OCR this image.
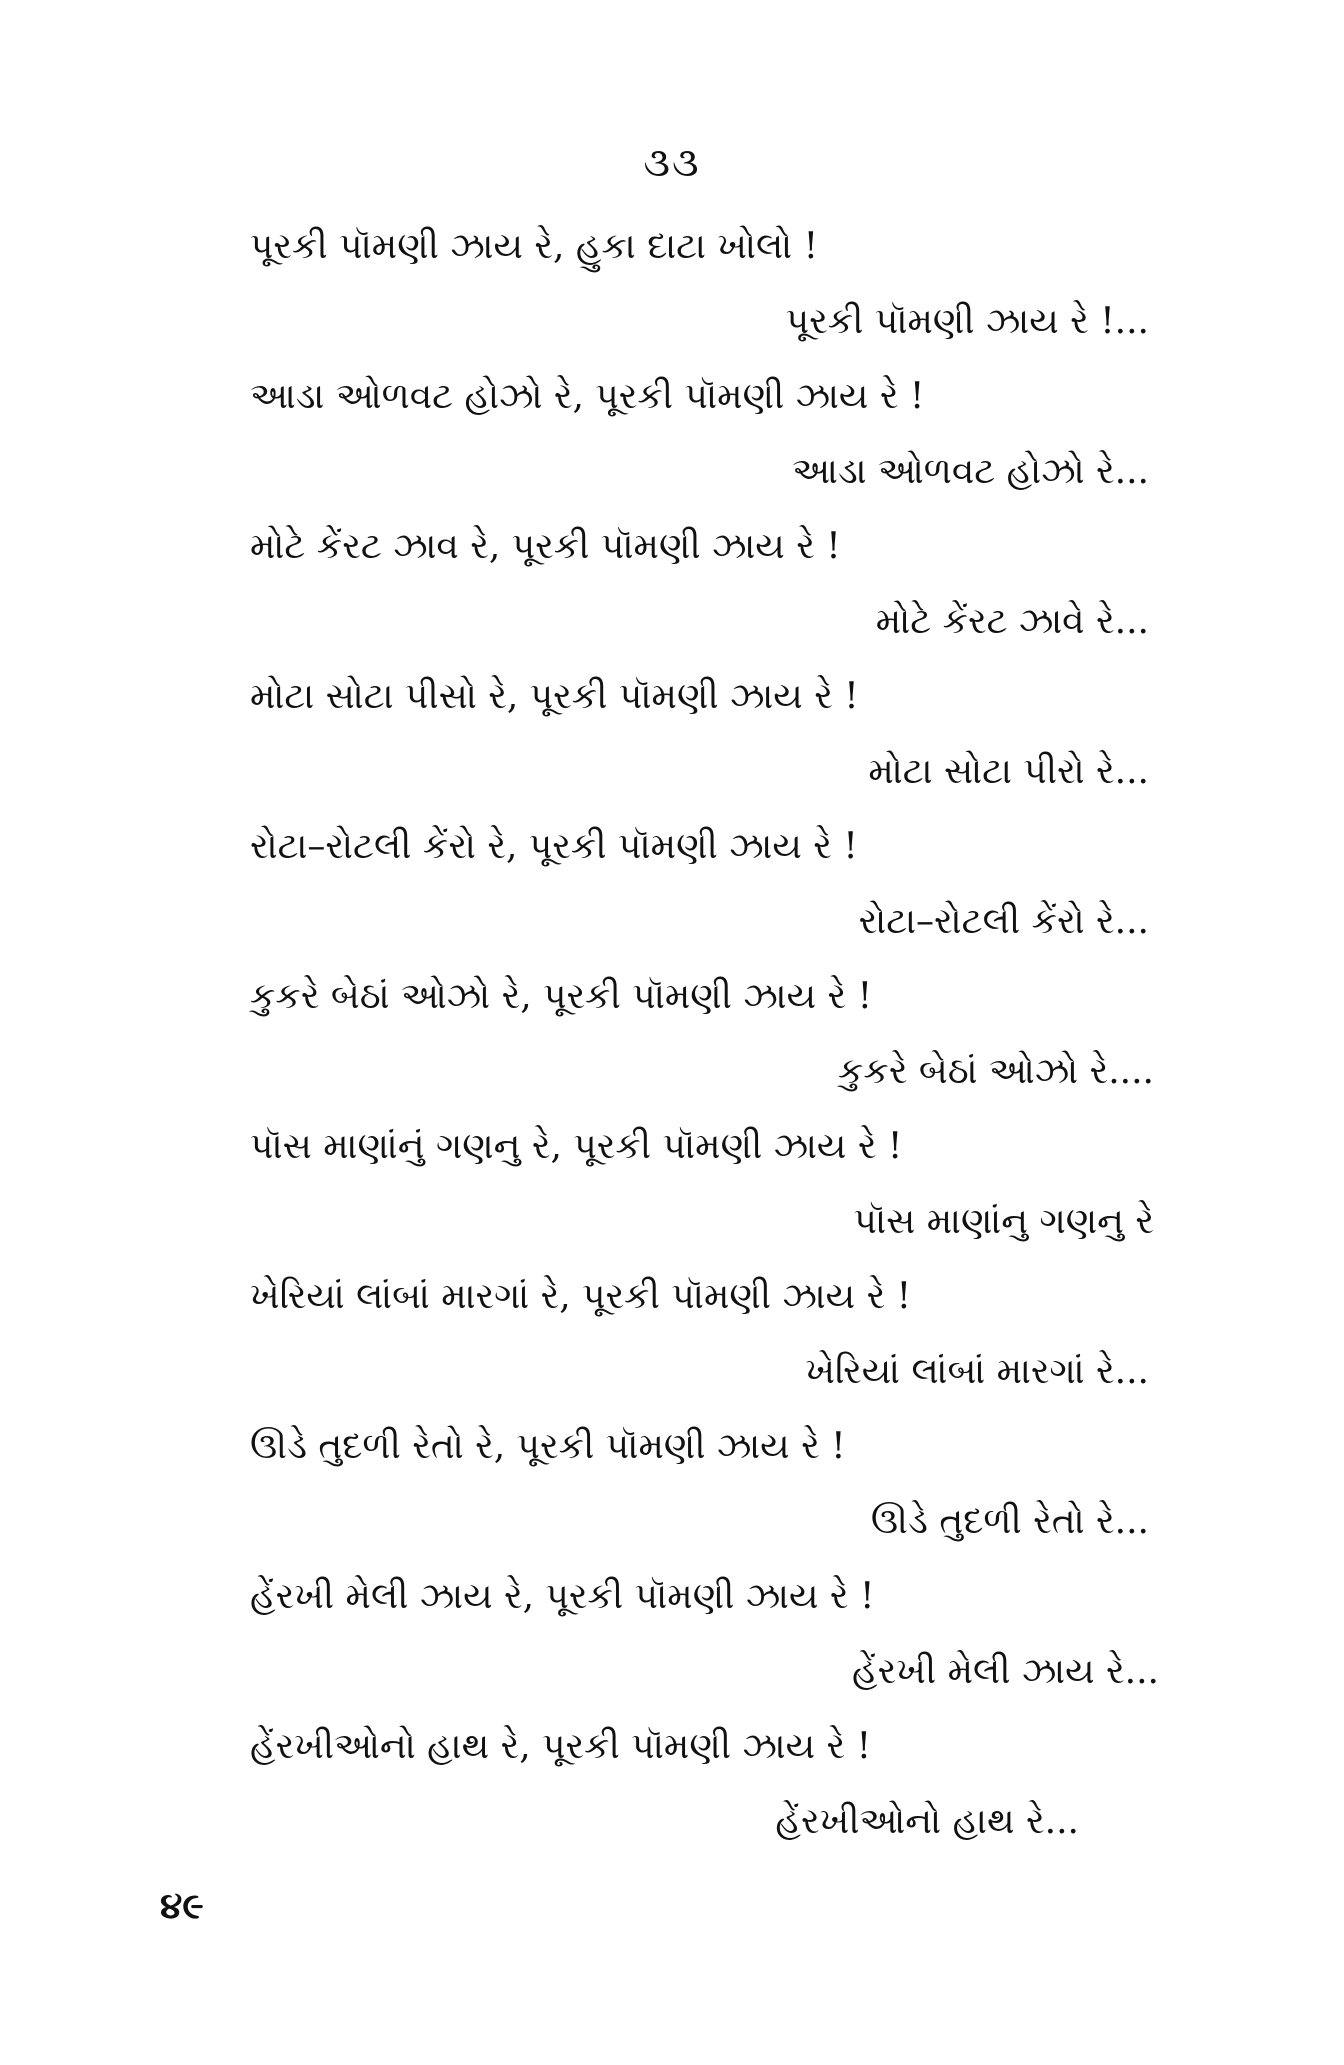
૩૩
પૂરકી પૉમણી ઝાય રે, હુકા દાટા ખોલો !
પૂરકી પૉમણી ઝાય રે !...
આડા ઓળવટ હોઝો રે, પૂરકી પૉમણી ઝાય રે !
આડા ઓળવટ હોઝો રે...
મોટે કેંરટ ઝાવ રે, પૂરકી પૉમણી ઝાય રે !
મોટે કેંરટ ઝાવે રે...
મોટા સોટા પીસો રે, પૂરકી પૉમણી ઝાય રે !
મોટા સોટા પીરો રે...
રોટા–રોટલી કેંરો રે, પૂરકી પૉમણી ઝાય રે !
રોટા–રોટલી કેંરો રે...
કુકરે બેઠાં ઓઝો રે, પૂરકી પૉમણી ઝાય રે !
કુકરે બેઠાં ઓઝો રે....
પૉસ માણાંનું ગણનુ રે, પૂરકી પૉમણી ઝાય રે !
પૉસ માણાંનુ ગણનુ રે
ખેરિયાં લાંબાં મારગાં રે, પૂરકી પૉમણી ઝાય રે !
ખેરિયાં લાંબાં મારગાં રે...
ઊડે તુદળી રેતો રે, પૂરકી પૉમણી ઝાય રે !
ઊડે તુદળી રેતો રે...
હેંરખી મેલી ઝાય રે, પૂરકી પૉમણી ઝાય રે !
હેંરખી મેલી ઝાય રે...
હેંરખીઓનો હાથ રે, પૂરકી પૉમણી ઝાય રે !
હેંરખીઓનો હાથ રે...
૪૯
